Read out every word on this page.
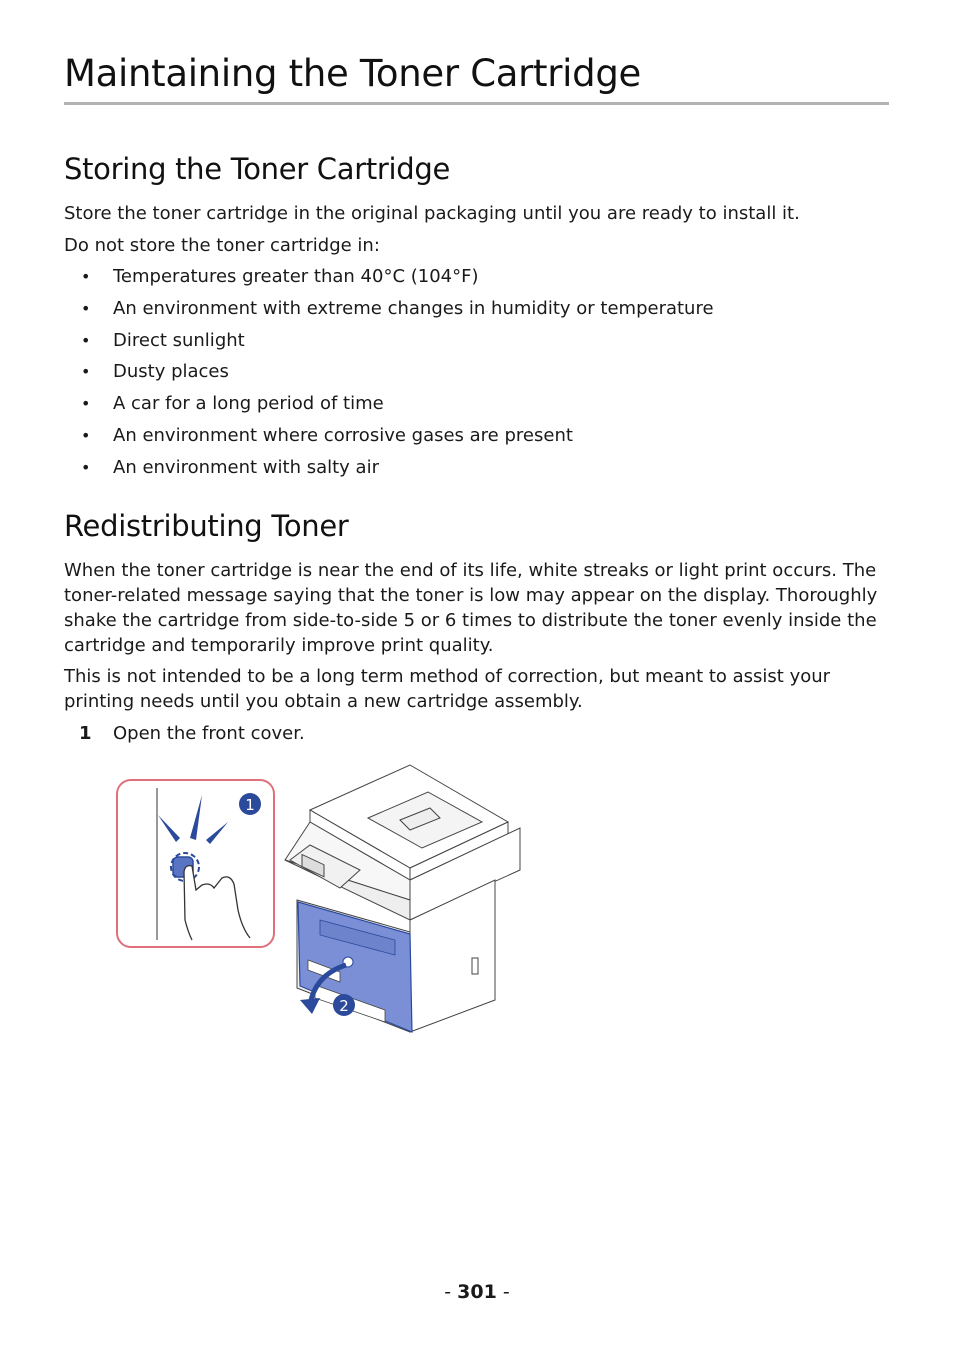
Maintaining the Toner Cartridge
Storing the Toner Cartridge

Store the toner cartridge in the original packaging until you are ready to install it.

Do not store the toner cartridge in:

• Temperatures greater than 40°C (104°F)
• An environment with extreme changes in humidity or temperature
• Direct sunlight
• Dusty places
• A car for a long period of time
• An environment where corrosive gases are present
• An environment with salty air
Redistributing Toner

When the toner cartridge is near the end of its life, white streaks or light print occurs. The toner-related message saying that the toner is low may appear on the display. Thoroughly shake the cartridge from side-to-side 5 or 6 times to distribute the toner evenly inside the cartridge and temporarily improve print quality.

This is not intended to be a long term method of correction, but meant to assist your printing needs until you obtain a new cartridge assembly.

1 Open the front cover.
1
2
- 301 -
